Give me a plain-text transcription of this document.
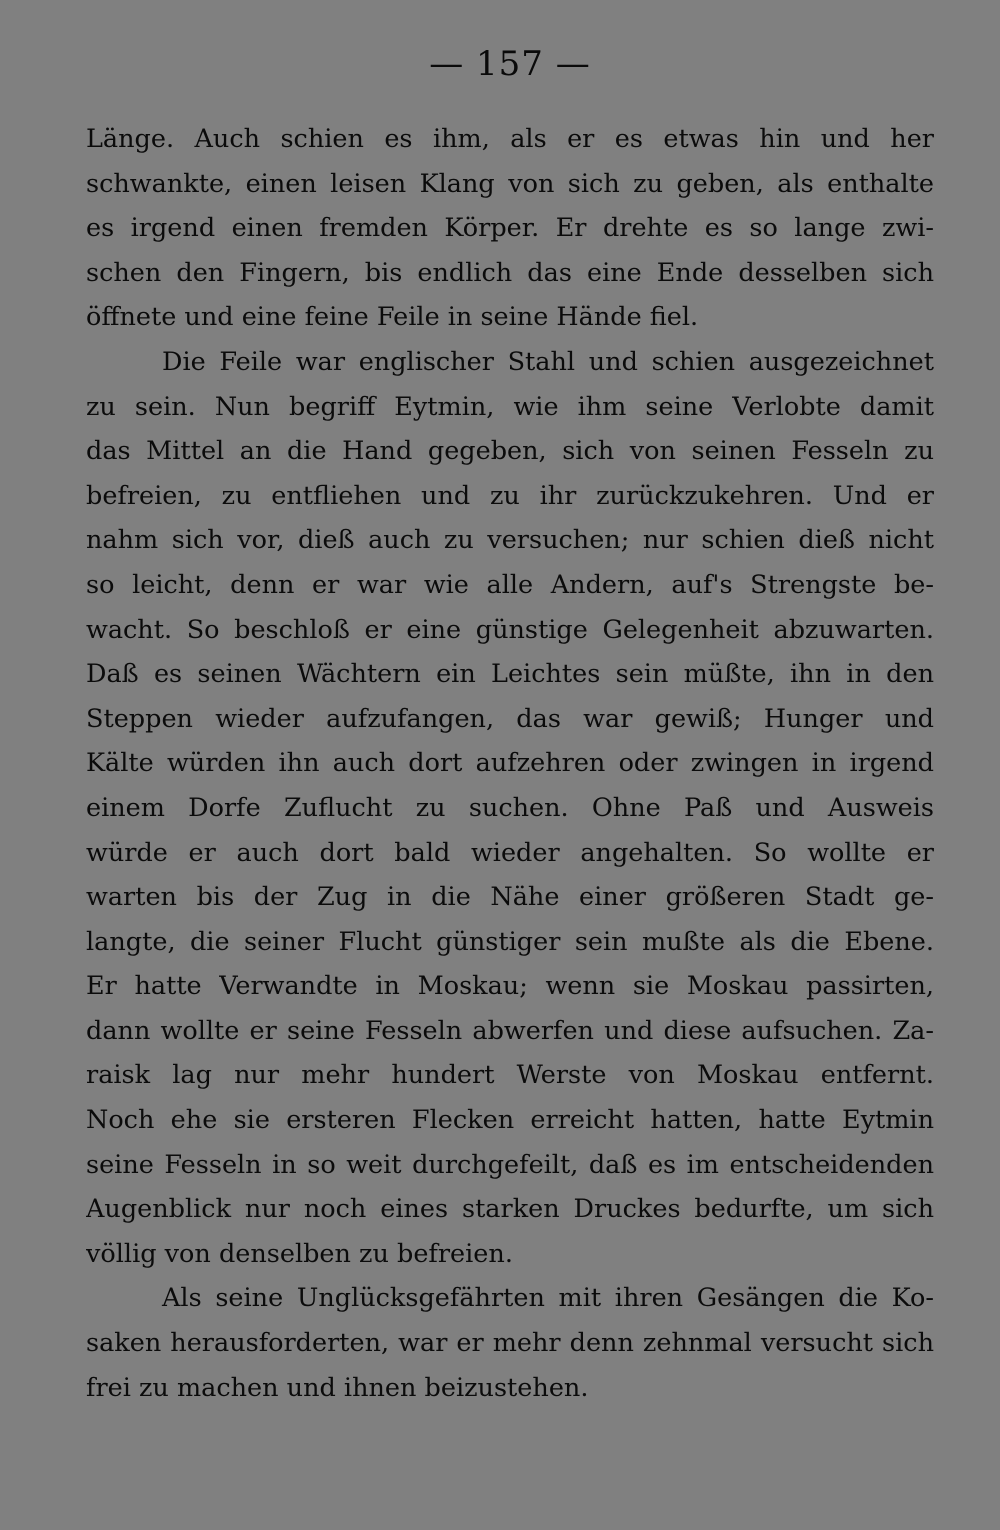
— 157 —
Länge. Auch schien es ihm, als er es etwas hin und her
schwankte, einen leisen Klang von sich zu geben, als enthalte
es irgend einen fremden Körper. Er drehte es so lange zwi-
schen den Fingern, bis endlich das eine Ende desselben sich
öffnete und eine feine Feile in seine Hände fiel.
Die Feile war englischer Stahl und schien ausgezeichnet
zu sein. Nun begriff Eytmin, wie ihm seine Verlobte damit
das Mittel an die Hand gegeben, sich von seinen Fesseln zu
befreien, zu entfliehen und zu ihr zurückzukehren. Und er
nahm sich vor, dieß auch zu versuchen; nur schien dieß nicht
so leicht, denn er war wie alle Andern, auf's Strengste be-
wacht. So beschloß er eine günstige Gelegenheit abzuwarten.
Daß es seinen Wächtern ein Leichtes sein müßte, ihn in den
Steppen wieder aufzufangen, das war gewiß; Hunger und
Kälte würden ihn auch dort aufzehren oder zwingen in irgend
einem Dorfe Zuflucht zu suchen. Ohne Paß und Ausweis
würde er auch dort bald wieder angehalten. So wollte er
warten bis der Zug in die Nähe einer größeren Stadt ge-
langte, die seiner Flucht günstiger sein mußte als die Ebene.
Er hatte Verwandte in Moskau; wenn sie Moskau passirten,
dann wollte er seine Fesseln abwerfen und diese aufsuchen. Za-
raisk lag nur mehr hundert Werste von Moskau entfernt.
Noch ehe sie ersteren Flecken erreicht hatten, hatte Eytmin
seine Fesseln in so weit durchgefeilt, daß es im entscheidenden
Augenblick nur noch eines starken Druckes bedurfte, um sich
völlig von denselben zu befreien.
Als seine Unglücksgefährten mit ihren Gesängen die Ko-
saken herausforderten, war er mehr denn zehnmal versucht sich
frei zu machen und ihnen beizustehen.
